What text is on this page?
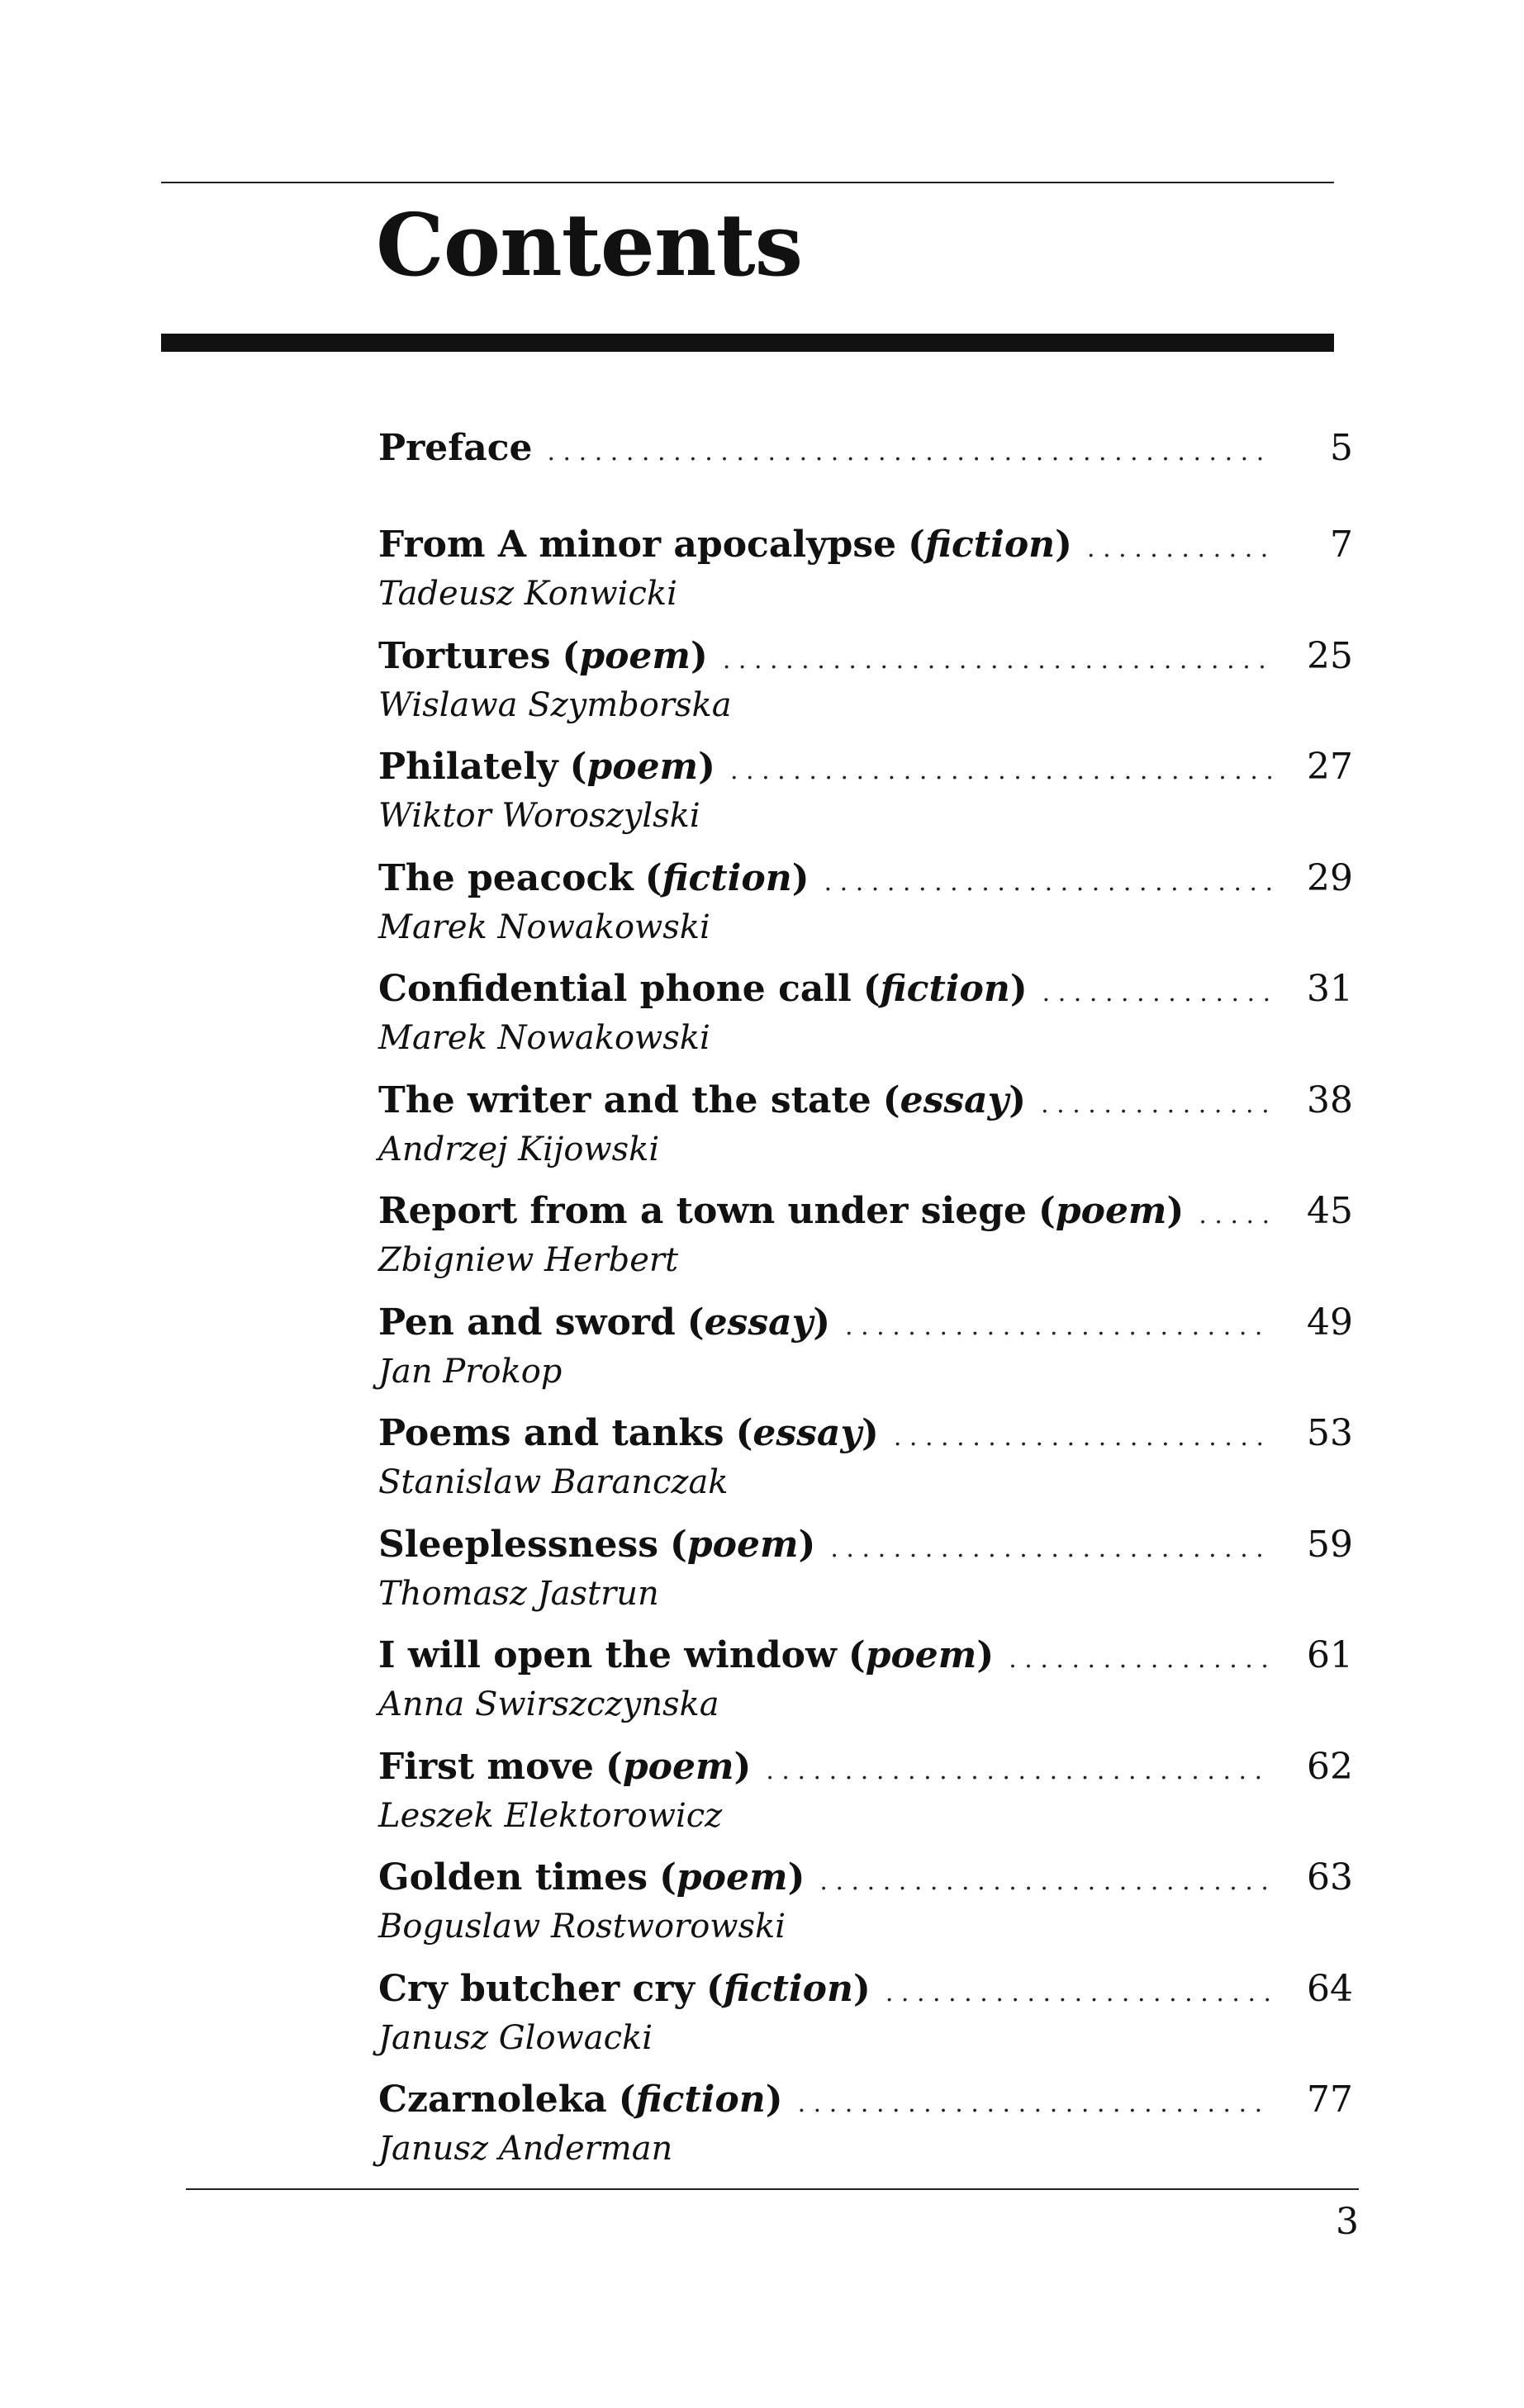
Contents
Preface . . .	5
From A minor apocalypse ( fiction ) . . .	7
Tadeusz Konwicki
Tortures ( poem ) . . .	25
Wislawa Szymborska
Philately ( poem ) . . .	27
Wiktor Woroszylski
The peacock ( fiction ) . . .	29
Marek Nowakowski
Confidential phone call ( fiction ) . . .	31
Marek Nowakowski
The writer and the state ( essay ) . . .	38
Andrzej Kijowski
Report from a town under siege ( poem ) . . .	45
Zbigniew Herbert
Pen and sword ( essay ) . . .	49
Jan Prokop
Poems and tanks ( essay ) . . .	53
Stanislaw Baranczak
Sleeplessness ( poem ) . . .	59
Thomasz Jastrun
I will open the window ( poem ) . . .	61
Anna Swirszczynska
First move ( poem ) . . .	62
Leszek Elektorowicz
Golden times ( poem ) . . .	63
Boguslaw Rostworowski
Cry butcher cry ( fiction ) . . .	64
Janusz Glowacki
Czarnoleka ( fiction ) . . .	77
Janusz Anderman
3
